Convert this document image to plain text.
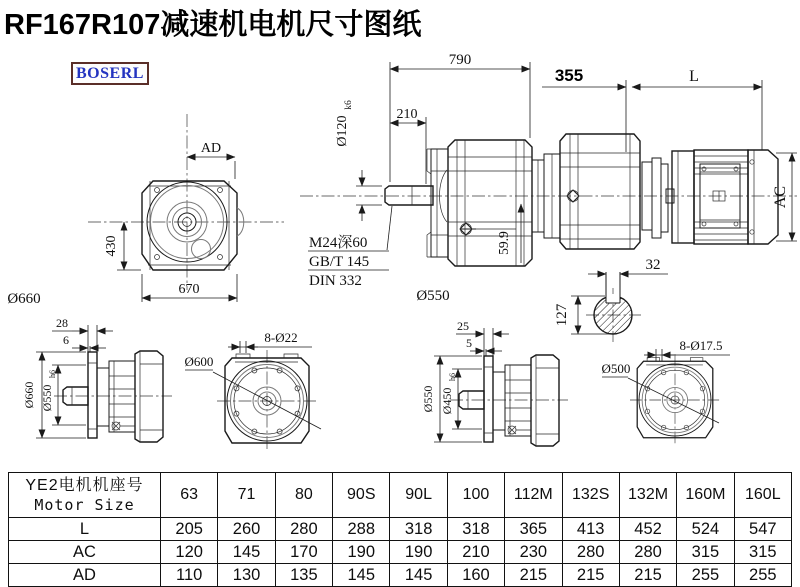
RF167R107减速机电机尺寸图纸
BOSERL
AD
430
670
Ø660
790
210
Ø120
k6
M24深60
GB/T 145
DIN 332
59.9
355	L
AC
Ø550
32
127
28
6
Ø660 Ø550
h6
8-Ø22
Ø600
25
5
Ø550 Ø450
h6
8-Ø17.5
Ø500
YE2电机机座号
Motor Size	63	71	80	90S	90L	100	112M	132S	132M	160M	160L
L	205	260	280	288	318	318	365	413	452	524	547
AC	120	145	170	190	190	210	230	280	280	315	315
AD	110	130	135	145	145	160	215	215	215	255	255
